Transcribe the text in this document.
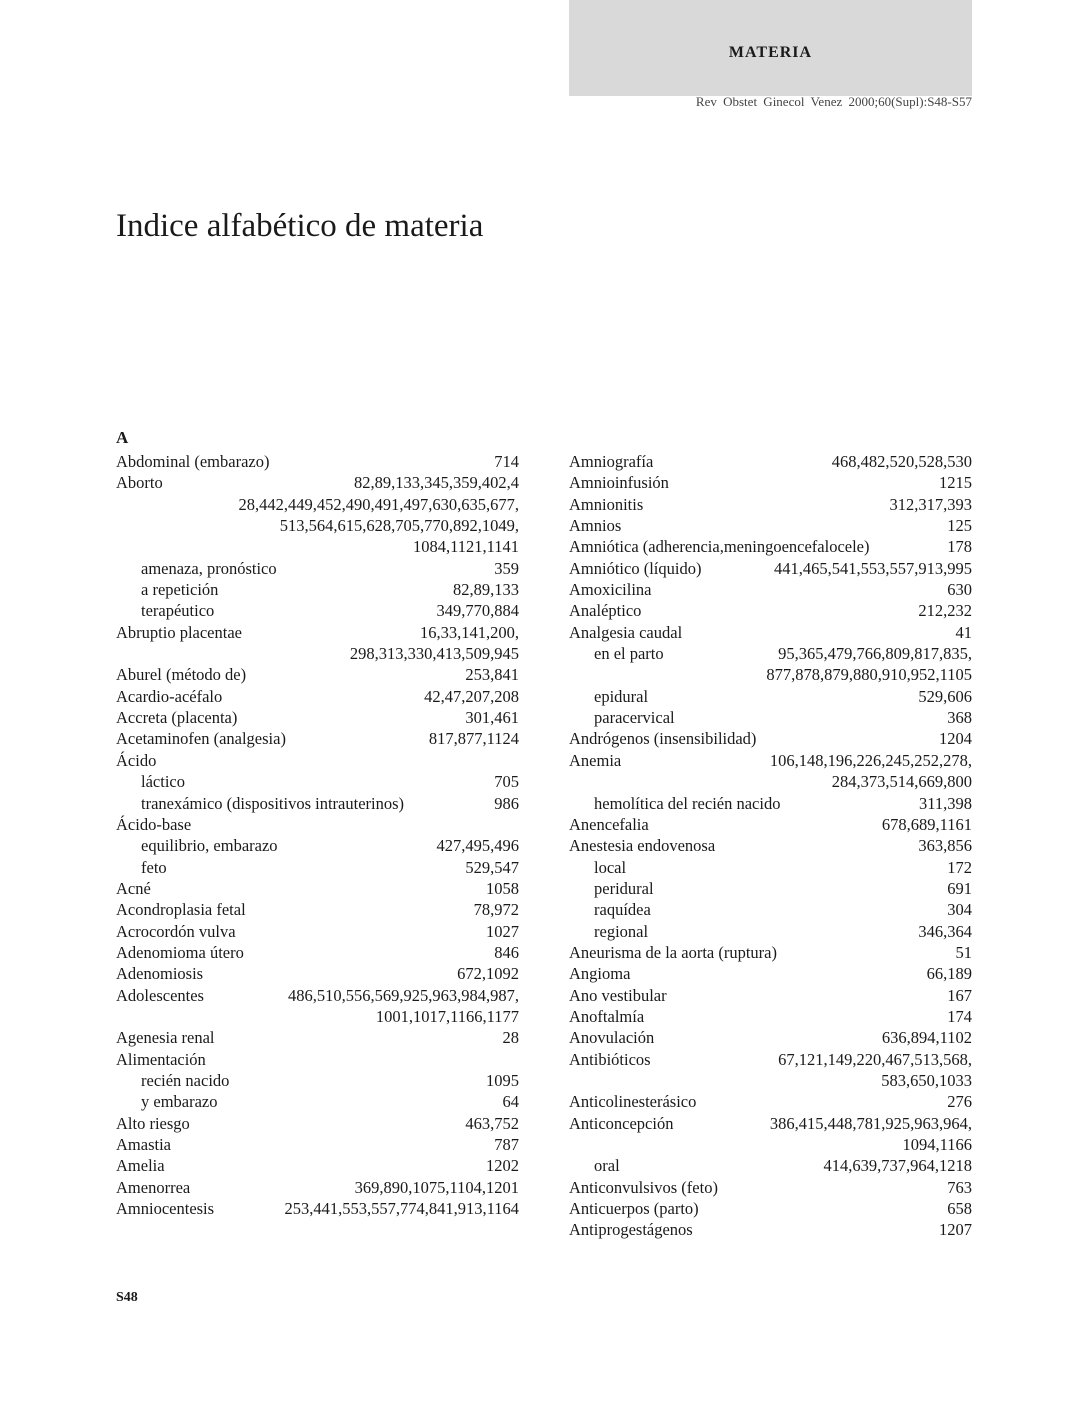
MATERIA
Rev Obstet Ginecol Venez 2000;60(Supl):S48-S57
Indice alfabético de materia
A
Abdominal (embarazo)	714
Aborto	82,89,133,345,359,402,4
28,442,449,452,490,491,497,630,635,677,
513,564,615,628,705,770,892,1049,
1084,1121,1141
amenaza, pronóstico	359
a repetición	82,89,133
terapéutico	349,770,884
Abruptio placentae	16,33,141,200,
298,313,330,413,509,945
Aburel (método de)	253,841
Acardio-acéfalo	42,47,207,208
Accreta (placenta)	301,461
Acetaminofen (analgesia)	817,877,1124
Ácido
láctico	705
tranexámico (dispositivos intrauterinos)	986
Ácido-base
equilibrio, embarazo	427,495,496
feto	529,547
Acné	1058
Acondroplasia fetal	78,972
Acrocordón vulva	1027
Adenomioma útero	846
Adenomiosis	672,1092
Adolescentes	486,510,556,569,925,963,984,987,
1001,1017,1166,1177
Agenesia renal	28
Alimentación
recién nacido	1095
y embarazo	64
Alto riesgo	463,752
Amastia	787
Amelia	1202
Amenorrea	369,890,1075,1104,1201
Amniocentesis	253,441,553,557,774,841,913,1164
Amniografía	468,482,520,528,530
Amnioinfusión	1215
Amnionitis	312,317,393
Amnios	125
Amniótica (adherencia,meningoencefalocele)	178
Amniótico (líquido)	441,465,541,553,557,913,995
Amoxicilina	630
Analéptico	212,232
Analgesia caudal	41
en el parto	95,365,479,766,809,817,835,
877,878,879,880,910,952,1105
epidural	529,606
paracervical	368
Andrógenos (insensibilidad)	1204
Anemia	106,148,196,226,245,252,278,
284,373,514,669,800
hemolítica del recién nacido	311,398
Anencefalia	678,689,1161
Anestesia endovenosa	363,856
local	172
peridural	691
raquídea	304
regional	346,364
Aneurisma de la aorta (ruptura)	51
Angioma	66,189
Ano vestibular	167
Anoftalmía	174
Anovulación	636,894,1102
Antibióticos	67,121,149,220,467,513,568,
583,650,1033
Anticolinesterásico	276
Anticoncepción	386,415,448,781,925,963,964,
1094,1166
oral	414,639,737,964,1218
Anticonvulsivos (feto)	763
Anticuerpos (parto)	658
Antiprogestágenos	1207
S48
